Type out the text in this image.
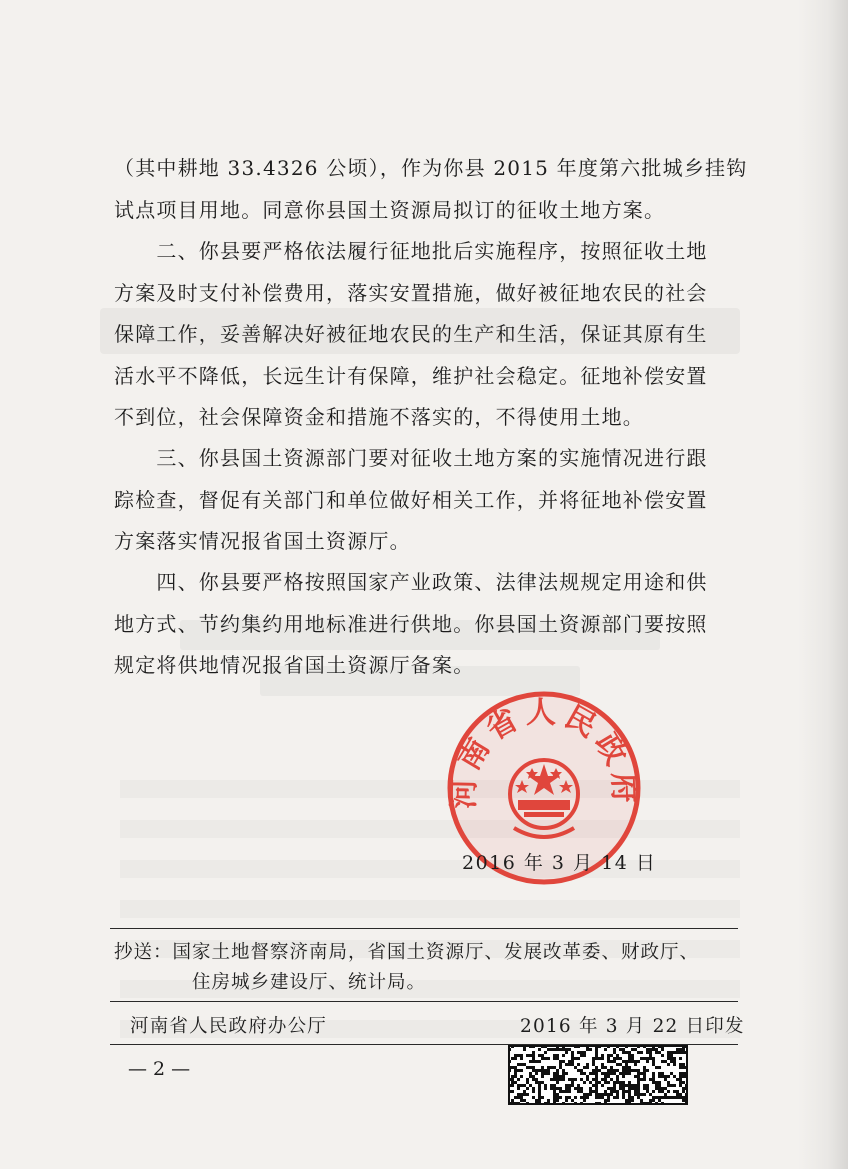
（其中耕地 33.4326 公顷），作为你县 2015 年度第六批城乡挂钩
试点项目用地。同意你县国土资源局拟订的征收土地方案。
　　二、你县要严格依法履行征地批后实施程序，按照征收土地
方案及时支付补偿费用，落实安置措施，做好被征地农民的社会
保障工作，妥善解决好被征地农民的生产和生活，保证其原有生
活水平不降低，长远生计有保障，维护社会稳定。征地补偿安置
不到位，社会保障资金和措施不落实的，不得使用土地。
　　三、你县国土资源部门要对征收土地方案的实施情况进行跟
踪检查，督促有关部门和单位做好相关工作，并将征地补偿安置
方案落实情况报省国土资源厅。
　　四、你县要严格按照国家产业政策、法律法规规定用途和供
地方式、节约集约用地标准进行供地。你县国土资源部门要按照
规定将供地情况报省国土资源厅备案。
河南省人民政府
2016 年 3 月 14 日
抄送：国家土地督察济南局，省国土资源厅、发展改革委、财政厅、
住房城乡建设厅、统计局。
河南省人民政府办公厅	2016 年 3 月 22 日印发
— 2 —
